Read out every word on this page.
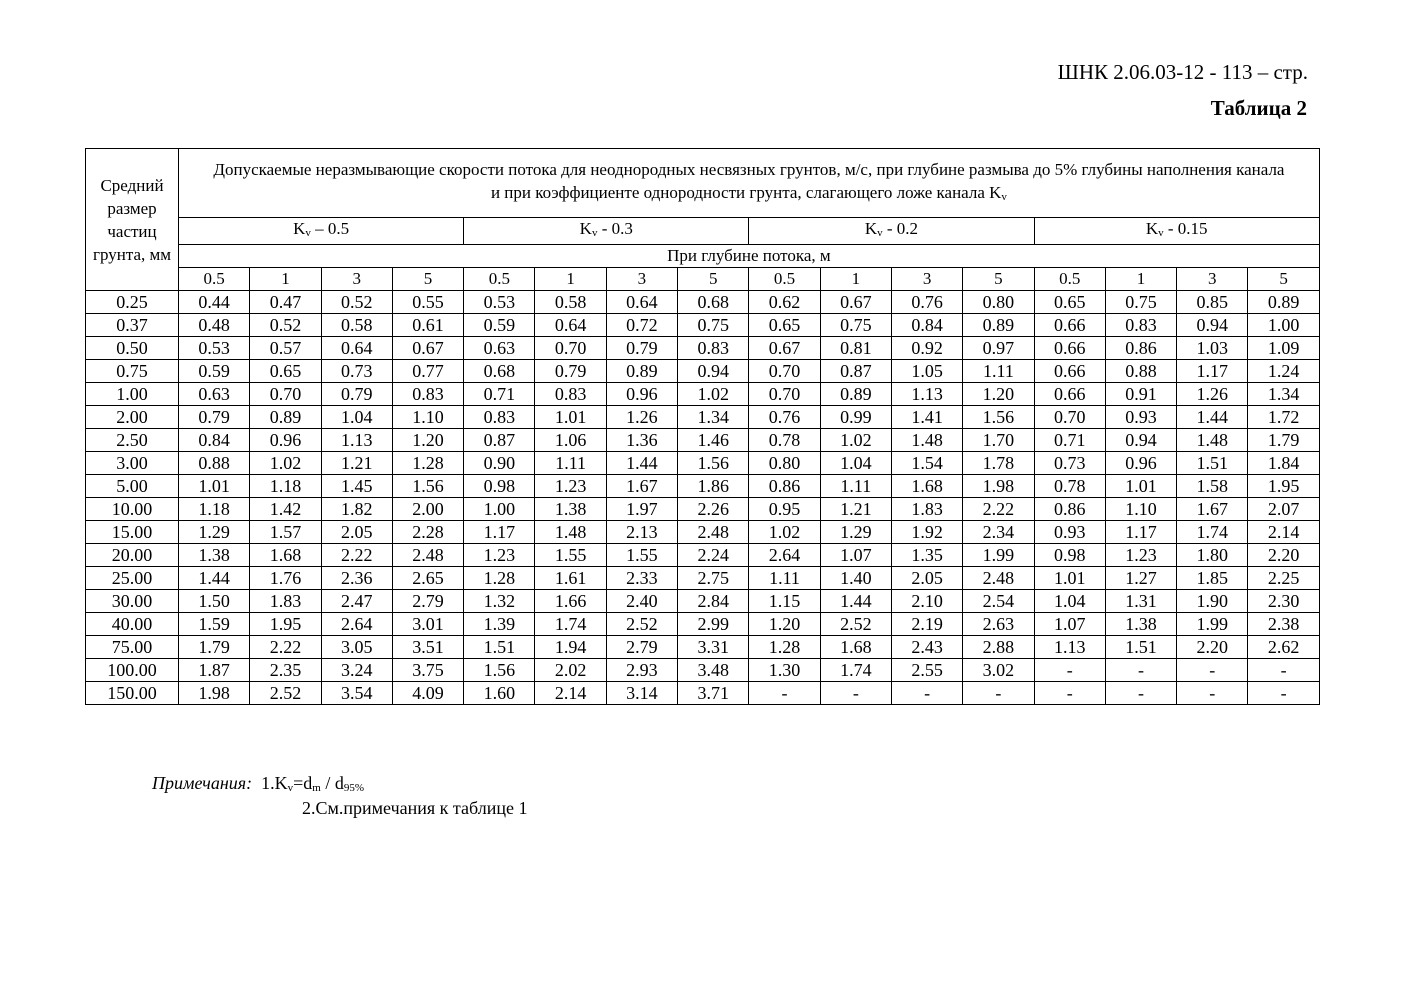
ШНК 2.06.03-12 - 113 – стр.
Таблица 2
Средний размер частиц грунта, мм	Допускаемые неразмывающие скорости потока для неоднородных несвязных грунтов, м/с, при глубине размыва до 5% глубины наполнения канала
и при коэффициенте однородности грунта, слагающего ложе канала Kv															
	Kv – 0.5				Kv - 0.3				Kv - 0.2				Kv - 0.15			
	При глубине потока, м															
	0.5	1	3	5	0.5	1	3	5	0.5	1	3	5	0.5	1	3	5
0.25	0.44	0.47	0.52	0.55	0.53	0.58	0.64	0.68	0.62	0.67	0.76	0.80	0.65	0.75	0.85	0.89
0.37	0.48	0.52	0.58	0.61	0.59	0.64	0.72	0.75	0.65	0.75	0.84	0.89	0.66	0.83	0.94	1.00
0.50	0.53	0.57	0.64	0.67	0.63	0.70	0.79	0.83	0.67	0.81	0.92	0.97	0.66	0.86	1.03	1.09
0.75	0.59	0.65	0.73	0.77	0.68	0.79	0.89	0.94	0.70	0.87	1.05	1.11	0.66	0.88	1.17	1.24
1.00	0.63	0.70	0.79	0.83	0.71	0.83	0.96	1.02	0.70	0.89	1.13	1.20	0.66	0.91	1.26	1.34
2.00	0.79	0.89	1.04	1.10	0.83	1.01	1.26	1.34	0.76	0.99	1.41	1.56	0.70	0.93	1.44	1.72
2.50	0.84	0.96	1.13	1.20	0.87	1.06	1.36	1.46	0.78	1.02	1.48	1.70	0.71	0.94	1.48	1.79
3.00	0.88	1.02	1.21	1.28	0.90	1.11	1.44	1.56	0.80	1.04	1.54	1.78	0.73	0.96	1.51	1.84
5.00	1.01	1.18	1.45	1.56	0.98	1.23	1.67	1.86	0.86	1.11	1.68	1.98	0.78	1.01	1.58	1.95
10.00	1.18	1.42	1.82	2.00	1.00	1.38	1.97	2.26	0.95	1.21	1.83	2.22	0.86	1.10	1.67	2.07
15.00	1.29	1.57	2.05	2.28	1.17	1.48	2.13	2.48	1.02	1.29	1.92	2.34	0.93	1.17	1.74	2.14
20.00	1.38	1.68	2.22	2.48	1.23	1.55	1.55	2.24	2.64	1.07	1.35	1.99	0.98	1.23	1.80	2.20
25.00	1.44	1.76	2.36	2.65	1.28	1.61	2.33	2.75	1.11	1.40	2.05	2.48	1.01	1.27	1.85	2.25
30.00	1.50	1.83	2.47	2.79	1.32	1.66	2.40	2.84	1.15	1.44	2.10	2.54	1.04	1.31	1.90	2.30
40.00	1.59	1.95	2.64	3.01	1.39	1.74	2.52	2.99	1.20	2.52	2.19	2.63	1.07	1.38	1.99	2.38
75.00	1.79	2.22	3.05	3.51	1.51	1.94	2.79	3.31	1.28	1.68	2.43	2.88	1.13	1.51	2.20	2.62
100.00	1.87	2.35	3.24	3.75	1.56	2.02	2.93	3.48	1.30	1.74	2.55	3.02	-	-	-	-
150.00	1.98	2.52	3.54	4.09	1.60	2.14	3.14	3.71	-	-	-	-	-	-	-	-
Примечания: 1.Kv=dm / d95%
2.См.примечания к таблице 1
